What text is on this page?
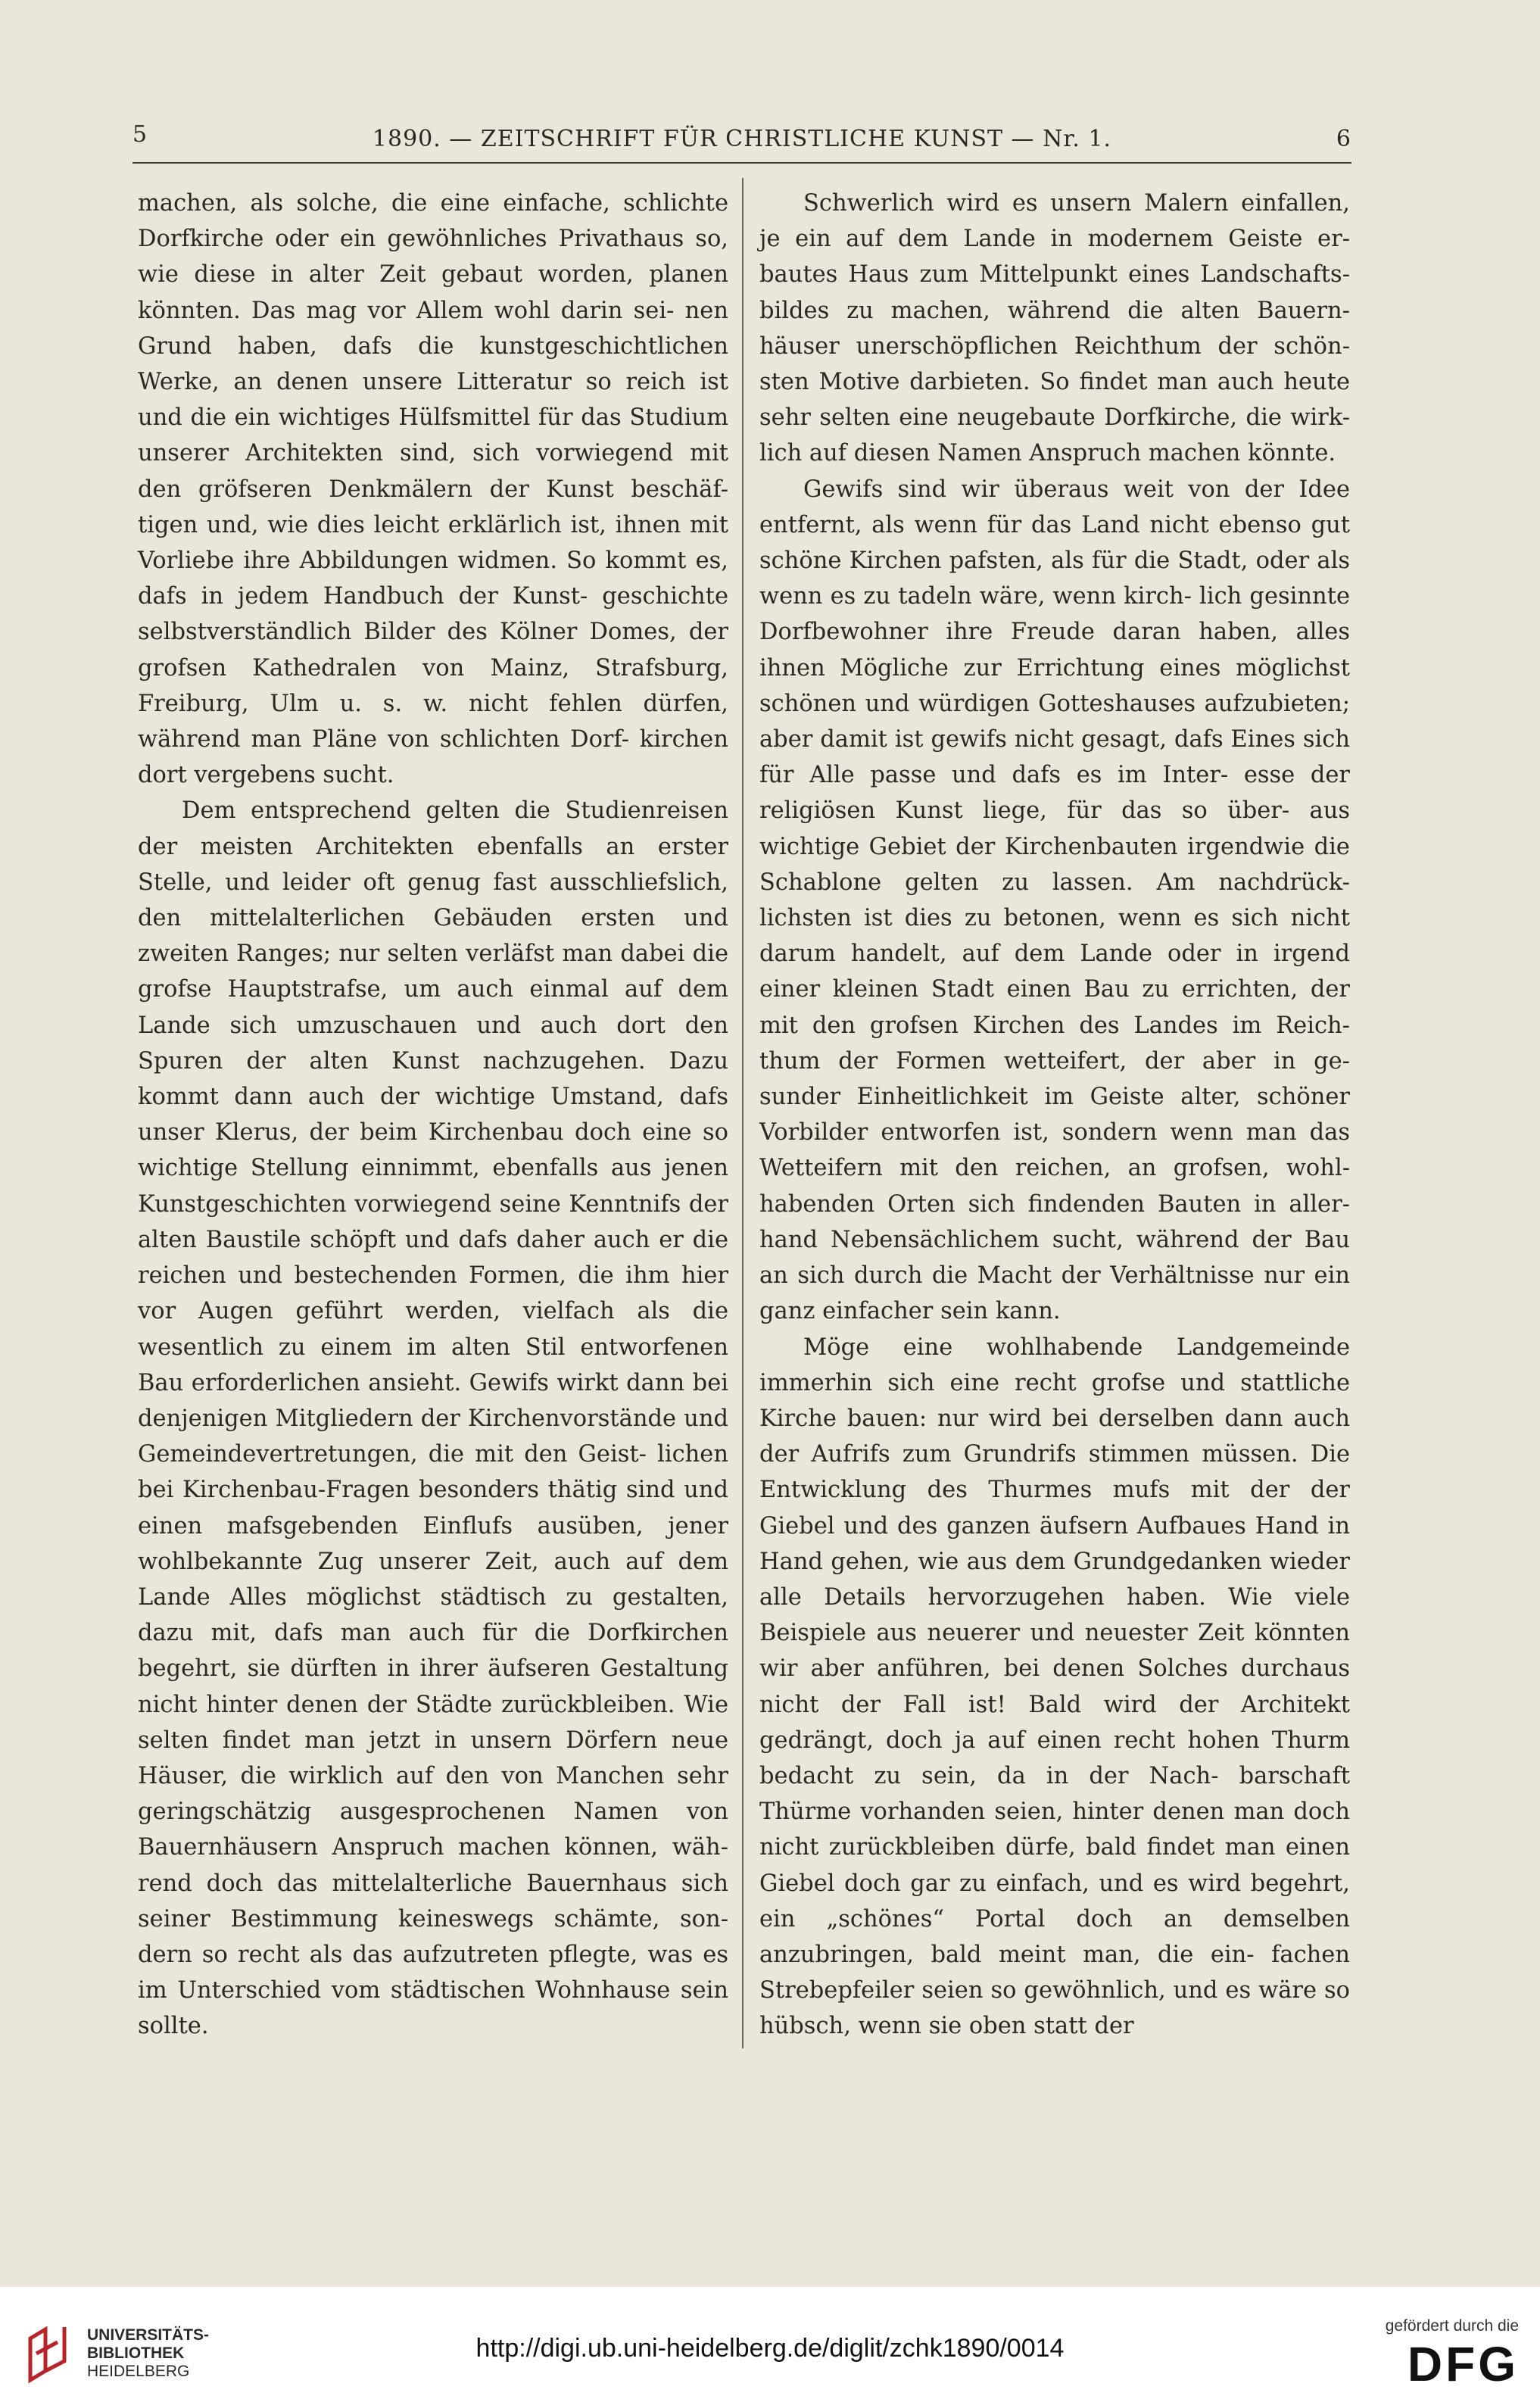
5	1890. — ZEITSCHRIFT FÜR CHRISTLICHE KUNST — Nr. 1.	6

machen, als solche, die eine einfache, schlichte Dorfkirche oder ein gewöhnliches Privathaus so, wie diese in alter Zeit gebaut worden, planen könnten. Das mag vor Allem wohl darin sei- nen Grund haben, dafs die kunstgeschichtlichen Werke, an denen unsere Litteratur so reich ist und die ein wichtiges Hülfsmittel für das Studium unserer Architekten sind, sich vorwiegend mit den gröfseren Denkmälern der Kunst beschäf- tigen und, wie dies leicht erklärlich ist, ihnen mit Vorliebe ihre Abbildungen widmen. So kommt es, dafs in jedem Handbuch der Kunst- geschichte selbstverständlich Bilder des Kölner Domes, der grofsen Kathedralen von Mainz, Strafsburg, Freiburg, Ulm u. s. w. nicht fehlen dürfen, während man Pläne von schlichten Dorf- kirchen dort vergebens sucht.

Dem entsprechend gelten die Studienreisen der meisten Architekten ebenfalls an erster Stelle, und leider oft genug fast ausschliefslich, den mittelalterlichen Gebäuden ersten und zweiten Ranges; nur selten verläfst man dabei die grofse Hauptstrafse, um auch einmal auf dem Lande sich umzuschauen und auch dort den Spuren der alten Kunst nachzugehen. Dazu kommt dann auch der wichtige Umstand, dafs unser Klerus, der beim Kirchenbau doch eine so wichtige Stellung einnimmt, ebenfalls aus jenen Kunstgeschichten vorwiegend seine Kenntnifs der alten Baustile schöpft und dafs daher auch er die reichen und bestechenden Formen, die ihm hier vor Augen geführt werden, vielfach als die wesentlich zu einem im alten Stil entworfenen Bau erforderlichen ansieht. Gewifs wirkt dann bei denjenigen Mitgliedern der Kirchenvorstände und Gemeindevertretungen, die mit den Geist- lichen bei Kirchenbau-Fragen besonders thätig sind und einen mafsgebenden Einflufs ausüben, jener wohlbekannte Zug unserer Zeit, auch auf dem Lande Alles möglichst städtisch zu gestalten, dazu mit, dafs man auch für die Dorfkirchen begehrt, sie dürften in ihrer äufseren Gestaltung nicht hinter denen der Städte zurückbleiben. Wie selten findet man jetzt in unsern Dörfern neue Häuser, die wirklich auf den von Manchen sehr geringschätzig ausgesprochenen Namen von Bauernhäusern Anspruch machen können, wäh- rend doch das mittelalterliche Bauernhaus sich seiner Bestimmung keineswegs schämte, son- dern so recht als das aufzutreten pflegte, was es im Unterschied vom städtischen Wohnhause sein sollte.

Schwerlich wird es unsern Malern einfallen, je ein auf dem Lande in modernem Geiste er- bautes Haus zum Mittelpunkt eines Landschafts- bildes zu machen, während die alten Bauern- häuser unerschöpflichen Reichthum der schön- sten Motive darbieten. So findet man auch heute sehr selten eine neugebaute Dorfkirche, die wirk- lich auf diesen Namen Anspruch machen könnte.

Gewifs sind wir überaus weit von der Idee entfernt, als wenn für das Land nicht ebenso gut schöne Kirchen pafsten, als für die Stadt, oder als wenn es zu tadeln wäre, wenn kirch- lich gesinnte Dorfbewohner ihre Freude daran haben, alles ihnen Mögliche zur Errichtung eines möglichst schönen und würdigen Gotteshauses aufzubieten; aber damit ist gewifs nicht gesagt, dafs Eines sich für Alle passe und dafs es im Inter- esse der religiösen Kunst liege, für das so über- aus wichtige Gebiet der Kirchenbauten irgendwie die Schablone gelten zu lassen. Am nachdrück- lichsten ist dies zu betonen, wenn es sich nicht darum handelt, auf dem Lande oder in irgend einer kleinen Stadt einen Bau zu errichten, der mit den grofsen Kirchen des Landes im Reich- thum der Formen wetteifert, der aber in ge- sunder Einheitlichkeit im Geiste alter, schöner Vorbilder entworfen ist, sondern wenn man das Wetteifern mit den reichen, an grofsen, wohl- habenden Orten sich findenden Bauten in aller- hand Nebensächlichem sucht, während der Bau an sich durch die Macht der Verhältnisse nur ein ganz einfacher sein kann.

Möge eine wohlhabende Landgemeinde immerhin sich eine recht grofse und stattliche Kirche bauen: nur wird bei derselben dann auch der Aufrifs zum Grundrifs stimmen müssen. Die Entwicklung des Thurmes mufs mit der der Giebel und des ganzen äufsern Aufbaues Hand in Hand gehen, wie aus dem Grundgedanken wieder alle Details hervorzugehen haben. Wie viele Beispiele aus neuerer und neuester Zeit könnten wir aber anführen, bei denen Solches durchaus nicht der Fall ist! Bald wird der Architekt gedrängt, doch ja auf einen recht hohen Thurm bedacht zu sein, da in der Nach- barschaft Thürme vorhanden seien, hinter denen man doch nicht zurückbleiben dürfe, bald findet man einen Giebel doch gar zu einfach, und es wird begehrt, ein „schönes“ Portal doch an demselben anzubringen, bald meint man, die ein- fachen Strebepfeiler seien so gewöhnlich, und es wäre so hübsch, wenn sie oben statt der

UNIVERSITÄTS-
BIBLIOTHEK
HEIDELBERG
http://digi.ub.uni-heidelberg.de/diglit/zchk1890/0014
gefördert durch die
DFG
